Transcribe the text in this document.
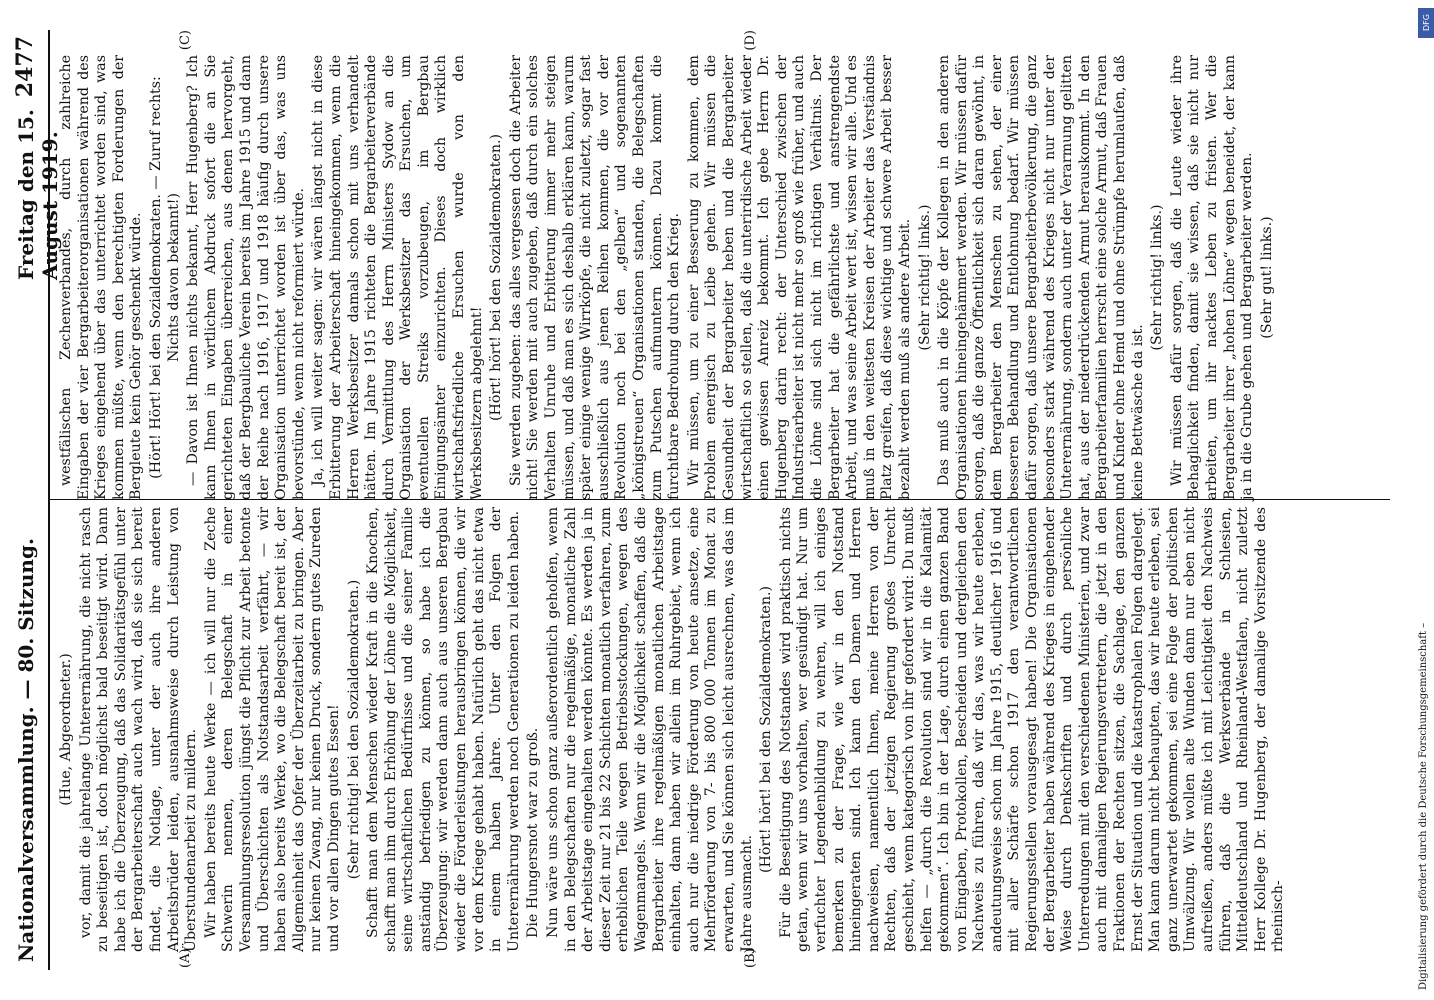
Nationalversammlung. — 80. Sitzung.
Freitag den 15. August 1919.
2477
(A)	(B)
(C)	(D)

(Hue, Abgeordneter.) vor, damit die jahrelange Unterernährung, die nicht rasch zu beseitigen ist, doch möglichst bald beseitigt wird. Dann habe ich die Überzeugung, daß das Solidaritätsgefühl unter der Bergarbeiterschaft auch wach wird, daß sie sich bereit findet, die Notlage, unter der auch ihre anderen Arbeitsbrüder leiden, ausnahmsweise durch Leistung von Überstundenarbeit zu mildern. Wir haben bereits heute Werke — ich will nur die Zeche Schwerin nennen, deren Belegschaft in einer Versammlungsresolution jüngst die Pflicht zur Arbeit betonte und Überschichten als Notstandsarbeit verfährt, — wir haben also bereits Werke, wo die Belegschaft bereit ist, der Allgemeinheit das Opfer der Überzeitarbeit zu bringen. Aber nur keinen Zwang, nur keinen Druck, sondern gutes Zureden und vor allen Dingen gutes Essen! (Sehr richtig! bei den Sozialdemokraten.) Schafft man dem Menschen wieder Kraft in die Knochen, schafft man ihm durch Erhöhung der Löhne die Möglichkeit, seine wirtschaftlichen Bedürfnisse und die seiner Familie anständig befriedigen zu können, so habe ich die Überzeugung: wir werden dann auch aus unseren Bergbau wieder die Förderleistungen herausbringen können, die wir vor dem Kriege gehabt haben. Natürlich geht das nicht etwa in einem halben Jahre. Unter den Folgen der Unterernährung werden noch Generationen zu leiden haben. Die Hungersnot war zu groß. Nun wäre uns schon ganz außerordentlich geholfen, wenn in den Belegschaften nur die regelmäßige, monatliche Zahl der Arbeitstage eingehalten werden könnte. Es werden ja in dieser Zeit nur 21 bis 22 Schichten monatlich verfahren, zum erheblichen Teile wegen Betriebsstockungen, wegen des Wagenmangels. Wenn wir die Möglichkeit schaffen, daß die Bergarbeiter ihre regelmäßigen monatlichen Arbeitstage einhalten, dann haben wir allein im Ruhrgebiet, wenn ich auch nur die niedrige Förderung von heute ansetze, eine Mehrförderung von 7- bis 800 000 Tonnen im Monat zu erwarten, und Sie können sich leicht ausrechnen, was das im Jahre ausmacht.

(Hört! hört! bei den Sozialdemokraten.) Für die Beseitigung des Notstandes wird praktisch nichts getan, wenn wir uns vorhalten, wer gesündigt hat. Nur um verfuchter Legendenbildung zu wehren, will ich einiges bemerken zu der Frage, wie wir in den Notstand hineingeraten sind. Ich kann den Damen und Herren nachweisen, namentlich Ihnen, meine Herren von der Rechten, daß der jetzigen Regierung großes Unrecht geschieht, wenn kategorisch von ihr gefordert wird: Du mußt helfen — „durch die Revolution sind wir in die Kalamität gekommen“. Ich bin in der Lage, durch einen ganzen Band von Eingaben, Protokollen, Bescheiden und dergleichen den Nachweis zu führen, daß wir das, was wir heute erleben, andeutungsweise schon im Jahre 1915, deutlicher 1916 und mit aller Schärfe schon 1917 den verantwortlichen Regierungsstellen vorausgesagt haben! Die Organisationen der Bergarbeiter haben während des Krieges in eingehender Weise durch Denkschriften und durch persönliche Unterredungen mit den verschiedenen Ministerien, und zwar auch mit damaligen Regierungsvertretern, die jetzt in den Fraktionen der Rechten sitzen, die Sachlage, den ganzen Ernst der Situation und die katastrophalen Folgen dargelegt. Man kann darum nicht behaupten, das wir heute erleben, sei ganz unerwartet gekommen, sei eine Folge der politischen Umwälzung. Wir wollen alte Wunden dann nur eben nicht aufreißen, anders müßte ich mit Leichtigkeit den Nachweis führen, daß die Werksverbände in Schlesien, Mitteldeutschland und Rheinland-Westfalen, nicht zuletzt Herr Kollege Dr. Hugenberg, der damalige Vorsitzende des rheinisch-

westfälischen Zechenverbandes, durch zahlreiche Eingaben der vier Bergarbeiterorganisationen während des Krieges eingehend über das unterrichtet worden sind, was kommen müßte, wenn den berechtigten Forderungen der Bergleute kein Gehör geschenkt würde. (Hört! Hört! bei den Sozialdemokraten. — Zuruf rechts: Nichts davon bekannt!) — Davon ist Ihnen nichts bekannt, Herr Hugenberg? Ich kann Ihnen in wörtlichem Abdruck sofort die an Sie gerichteten Eingaben überreichen, aus denen hervorgeht, daß der Bergbauliche Verein bereits im Jahre 1915 und dann der Reihe nach 1916, 1917 und 1918 häufig durch unsere Organisation unterrichtet worden ist über das, was uns bevorstünde, wenn nicht reformiert würde. Ja, ich will weiter sagen: wir wären längst nicht in diese Erbitterung der Arbeiterschaft hineingekommen, wenn die Herren Werksbesitzer damals schon mit uns verhandelt hätten. Im Jahre 1915 richteten die Bergarbeiterverbände durch Vermittlung des Herrn Ministers Sydow an die Organisation der Werksbesitzer das Ersuchen, um eventuellen Streiks vorzubeugen, im Bergbau Einigungsämter einzurichten. Dieses doch wirklich wirtschaftsfriedliche Ersuchen wurde von den Werksbesitzern abgelehnt! (Hört! hört! bei den Sozialdemokraten.) Sie werden zugeben: das alles vergessen doch die Arbeiter nicht! Sie werden mit auch zugeben, daß durch ein solches Verhalten Unruhe und Erbitterung immer mehr steigen müssen, und daß man es sich deshalb erklären kann, warum später einige wenige Wirrköpfe, die nicht zuletzt, sogar fast ausschließlich aus jenen Reihen kommen, die vor der Revolution noch bei den „gelben“ und sogenannten „königstreuen“ Organisationen standen, die Belegschaften zum Putschen aufmuntern können. Dazu kommt die furchtbare Bedrohung durch den Krieg. Wir müssen, um zu einer Besserung zu kommen, dem Problem energisch zu Leibe gehen. Wir müssen die Gesundheit der Bergarbeiter heben und die Bergarbeiter wirtschaftlich so stellen, daß die unterirdische Arbeit wieder einen gewissen Anreiz bekommt. Ich gebe Herrn Dr. Hugenberg darin recht: der Unterschied zwischen der Industriearbeiter ist nicht mehr so groß wie früher, und auch die Löhne sind sich nicht im richtigen Verhältnis. Der Bergarbeiter hat die gefährlichste und anstrengendste Arbeit, und was seine Arbeit wert ist, wissen wir alle. Und es muß in den weitesten Kreisen der Arbeiter das Verständnis Platz greifen, daß diese wichtige und schwere Arbeit besser bezahlt werden muß als andere Arbeit. (Sehr richtig! links.) Das muß auch in die Köpfe der Kollegen in den anderen Organisationen hineingehämmert werden. Wir müssen dafür sorgen, daß die ganze Öffentlichkeit sich daran gewöhnt, in dem Bergarbeiter den Menschen zu sehen, der einer besseren Behandlung und Entlohnung bedarf. Wir müssen dafür sorgen, daß unsere Bergarbeiterbevölkerung, die ganz besonders stark während des Krieges nicht nur unter der Unterernährung, sondern auch unter der Verarmung gelitten hat, aus der niederdrückenden Armut herauskommt. In den Bergarbeiterfamilien herrscht eine solche Armut, daß Frauen und Kinder ohne Hemd und ohne Strümpfe herumlaufen, daß keine Bettwäsche da ist.

(Sehr richtig! links.) Wir müssen dafür sorgen, daß die Leute wieder ihre Behaglichkeit finden, damit sie wissen, daß sie nicht nur arbeiten, um ihr nacktes Leben zu fristen. Wer die Bergarbeiter ihrer „hohen Löhne“ wegen beneidet, der kann ja in die Grube gehen und Bergarbeiter werden. (Sehr gut! links.)

Digitalisierung gefördert durch die Deutsche Forschungsgemeinschaft –
DFG
